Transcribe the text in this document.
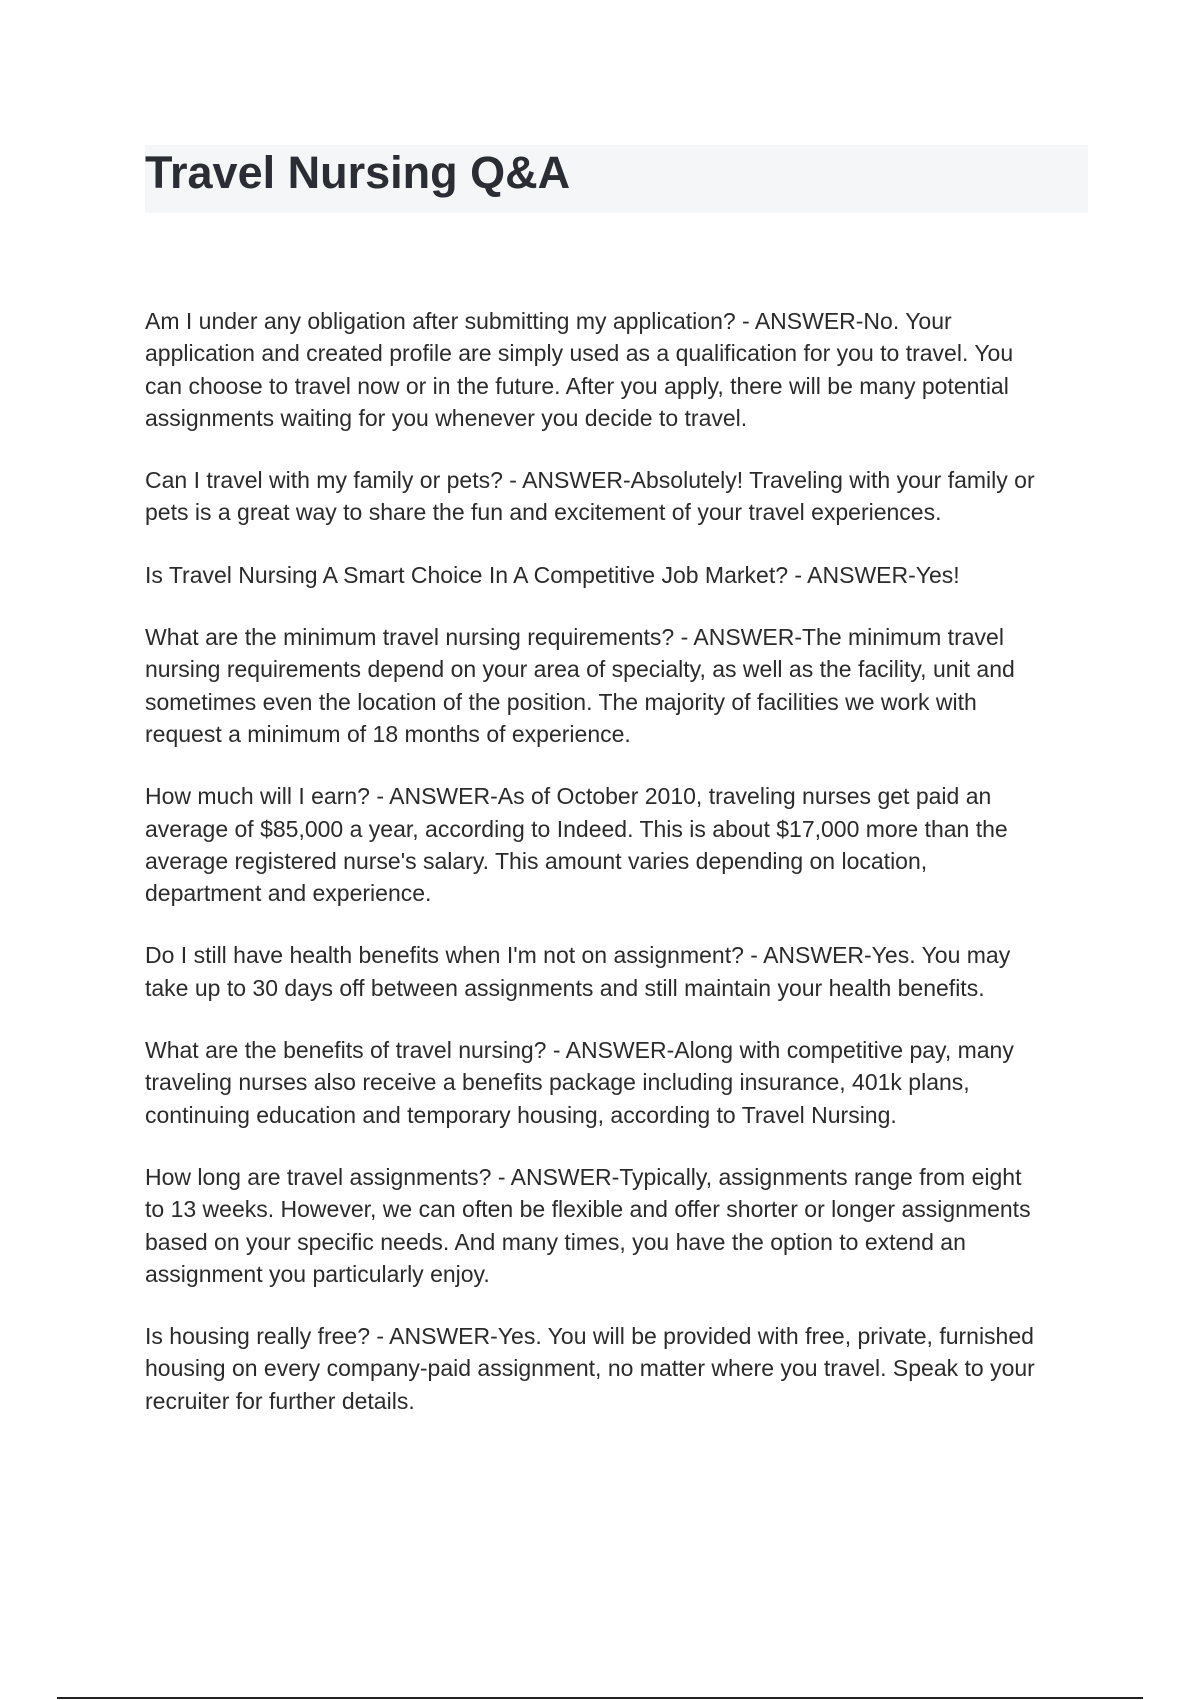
Travel Nursing Q&A

Am I under any obligation after submitting my application? - ANSWER-No. Your
application and created profile are simply used as a qualification for you to travel. You
can choose to travel now or in the future. After you apply, there will be many potential
assignments waiting for you whenever you decide to travel.

Can I travel with my family or pets? - ANSWER-Absolutely! Traveling with your family or
pets is a great way to share the fun and excitement of your travel experiences.

Is Travel Nursing A Smart Choice In A Competitive Job Market? - ANSWER-Yes!

What are the minimum travel nursing requirements? - ANSWER-The minimum travel
nursing requirements depend on your area of specialty, as well as the facility, unit and
sometimes even the location of the position. The majority of facilities we work with
request a minimum of 18 months of experience.

How much will I earn? - ANSWER-As of October 2010, traveling nurses get paid an
average of $85,000 a year, according to Indeed. This is about $17,000 more than the
average registered nurse's salary. This amount varies depending on location,
department and experience.

Do I still have health benefits when I'm not on assignment? - ANSWER-Yes. You may
take up to 30 days off between assignments and still maintain your health benefits.

What are the benefits of travel nursing? - ANSWER-Along with competitive pay, many
traveling nurses also receive a benefits package including insurance, 401k plans,
continuing education and temporary housing, according to Travel Nursing.

How long are travel assignments? - ANSWER-Typically, assignments range from eight
to 13 weeks. However, we can often be flexible and offer shorter or longer assignments
based on your specific needs. And many times, you have the option to extend an
assignment you particularly enjoy.

Is housing really free? - ANSWER-Yes. You will be provided with free, private, furnished
housing on every company-paid assignment, no matter where you travel. Speak to your
recruiter for further details.
